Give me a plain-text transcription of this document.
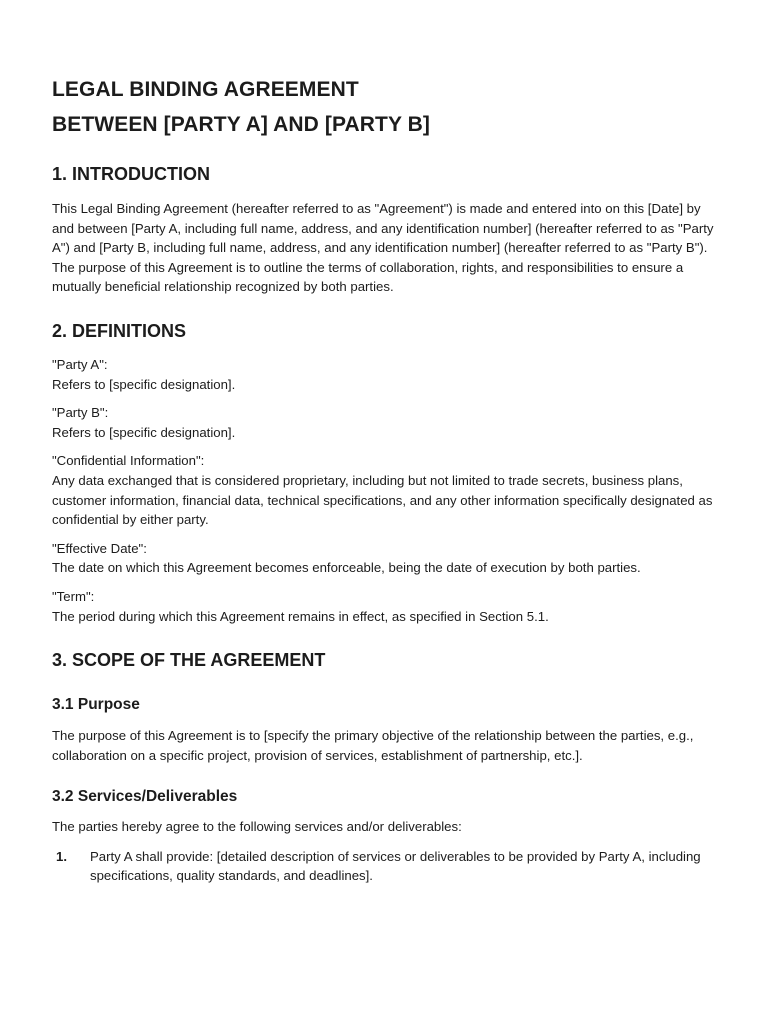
LEGAL BINDING AGREEMENT
BETWEEN [PARTY A] AND [PARTY B]
1. INTRODUCTION

This Legal Binding Agreement (hereafter referred to as "Agreement") is made and entered into on this [Date] by and between [Party A, including full name, address, and any identification number] (hereafter referred to as "Party A") and [Party B, including full name, address, and any identification number] (hereafter referred to as "Party B"). The purpose of this Agreement is to outline the terms of collaboration, rights, and responsibilities to ensure a mutually beneficial relationship recognized by both parties.

2. DEFINITIONS

"Party A":

Refers to [specific designation].

"Party B":

Refers to [specific designation].

"Confidential Information":

Any data exchanged that is considered proprietary, including but not limited to trade secrets, business plans, customer information, financial data, technical specifications, and any other information specifically designated as confidential by either party.

"Effective Date":

The date on which this Agreement becomes enforceable, being the date of execution by both parties.

"Term":

The period during which this Agreement remains in effect, as specified in Section 5.1.

3. SCOPE OF THE AGREEMENT
3.1 Purpose

The purpose of this Agreement is to [specify the primary objective of the relationship between the parties, e.g., collaboration on a specific project, provision of services, establishment of partnership, etc.].

3.2 Services/Deliverables

The parties hereby agree to the following services and/or deliverables:

1.	Party A shall provide: [detailed description of services or deliverables to be provided by Party A, including specifications, quality standards, and deadlines].
